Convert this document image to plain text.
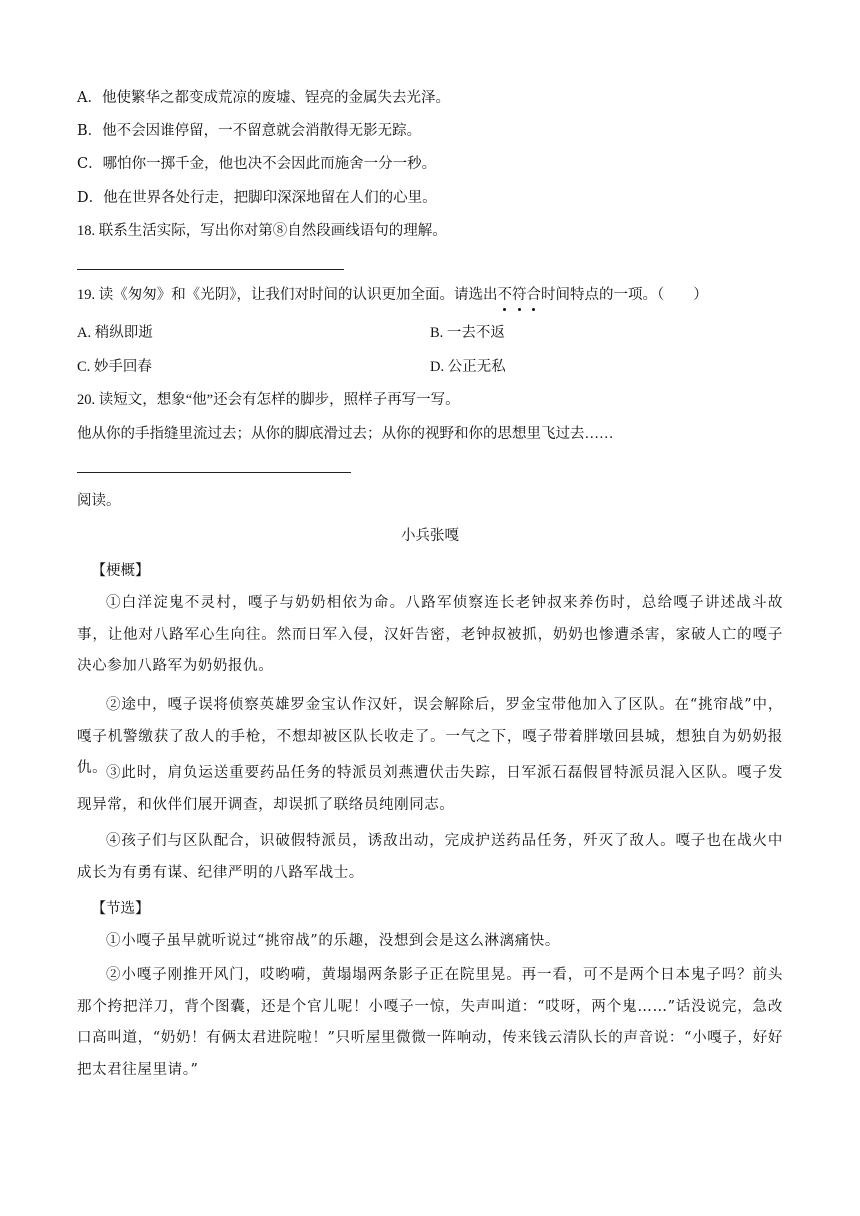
A．他使繁华之都变成荒凉的废墟、锃亮的金属失去光泽。
B．他不会因谁停留，一不留意就会消散得无影无踪。
C．哪怕你一掷千金，他也决不会因此而施舍一分一秒。
D．他在世界各处行走，把脚印深深地留在人们的心里。
18. 联系生活实际，写出你对第⑧自然段画线语句的理解。
19. 读《匆匆》和《光阴》，让我们对时间的认识更加全面。请选出不符合时间特点的一项。（　　）
A. 稍纵即逝	B. 一去不返
C. 妙手回春	D. 公正无私
20. 读短文，想象“他”还会有怎样的脚步，照样子再写一写。
他从你的手指缝里流过去；从你的脚底滑过去；从你的视野和你的思想里飞过去……
阅读。
小兵张嘎
【梗概】
①白洋淀鬼不灵村，嘎子与奶奶相依为命。八路军侦察连长老钟叔来养伤时，总给嘎子讲述战斗故事，让他对八路军心生向往。然而日军入侵，汉奸告密，老钟叔被抓，奶奶也惨遭杀害，家破人亡的嘎子决心参加八路军为奶奶报仇。
②途中，嘎子误将侦察英雄罗金宝认作汉奸，误会解除后，罗金宝带他加入了区队。在“挑帘战”中，嘎子机警缴获了敌人的手枪，不想却被区队长收走了。一气之下，嘎子带着胖墩回县城，想独自为奶奶报仇。
③此时，肩负运送重要药品任务的特派员刘燕遭伏击失踪，日军派石磊假冒特派员混入区队。嘎子发现异常，和伙伴们展开调查，却误抓了联络员纯刚同志。
④孩子们与区队配合，识破假特派员，诱敌出动，完成护送药品任务，歼灭了敌人。嘎子也在战火中成长为有勇有谋、纪律严明的八路军战士。
【节选】
①小嘎子虽早就听说过“挑帘战”的乐趣，没想到会是这么淋漓痛快。
②小嘎子刚推开风门，哎哟嗬，黄塌塌两条影子正在院里晃。再一看，可不是两个日本鬼子吗？前头那个挎把洋刀，背个图囊，还是个官儿呢！小嘎子一惊，失声叫道：“哎呀，两个鬼……”话没说完，急改口高叫道，“奶奶！有俩太君进院啦！”只听屋里微微一阵响动，传来钱云清队长的声音说：“小嘎子，好好把太君往屋里请。”
